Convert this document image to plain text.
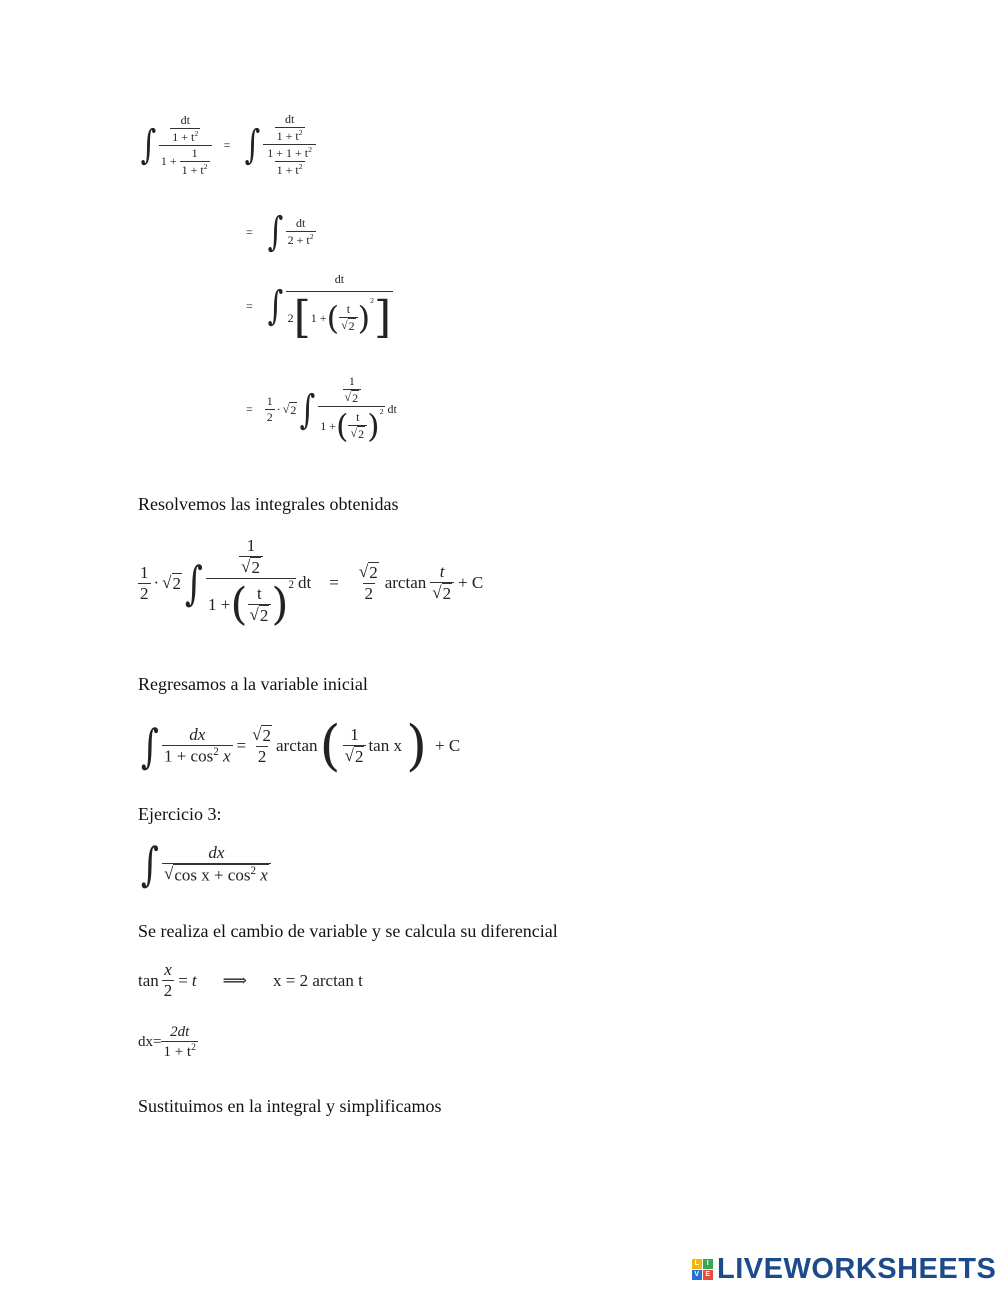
∫ $\frac{\frac{dt}{1 + t^2}}{1 + \frac{1}{1 + t^2}}$	= ∫ $\frac{\frac{dt}{1 + t^2}}{\frac{1 + 1 + t^2}{1 + t^2}}$
= ∫ $\frac{dt}{2 + t^2}$
= ∫
dt
2 [ 1 + ( $\frac{t}{√ 2}$ ) 2 ]
=	$\frac{1}{2}$ · √ 2 ∫ $\frac{\frac{1}{√ 2}}{1 + ( \frac{t}{√ 2} ) 2}$ dt
Resolvemos las integrales obtenidas
$\frac{1}{2}$ · √ 2 ∫ $\frac{\frac{1}{√ 2}}{1 + ( \frac{t}{√ 2} ) 2}$ dt	=	$\frac{√ 2}{2}$ $\arctan \frac{t}{√ 2} + C$
Regresamos a la variable inicial
∫ $\frac{dx}{1 + \cos^2 x} = \frac{√ 2}{2}$ arctan ( $\frac{1}{√ 2}$ tan x ) + C
Ejercicio 3:
∫ $\frac{dx}{√ \cos x + \cos^2 x}$
Se realiza el cambio de variable y se calcula su diferencial
$\tan \frac{x}{2} = t$	⟹	x = 2 arctan t
$dx= \frac{2dt}{1 + t^2}$
Sustituimos en la integral y simplificamos
L	I
V E LIVEWORKSHEETS
